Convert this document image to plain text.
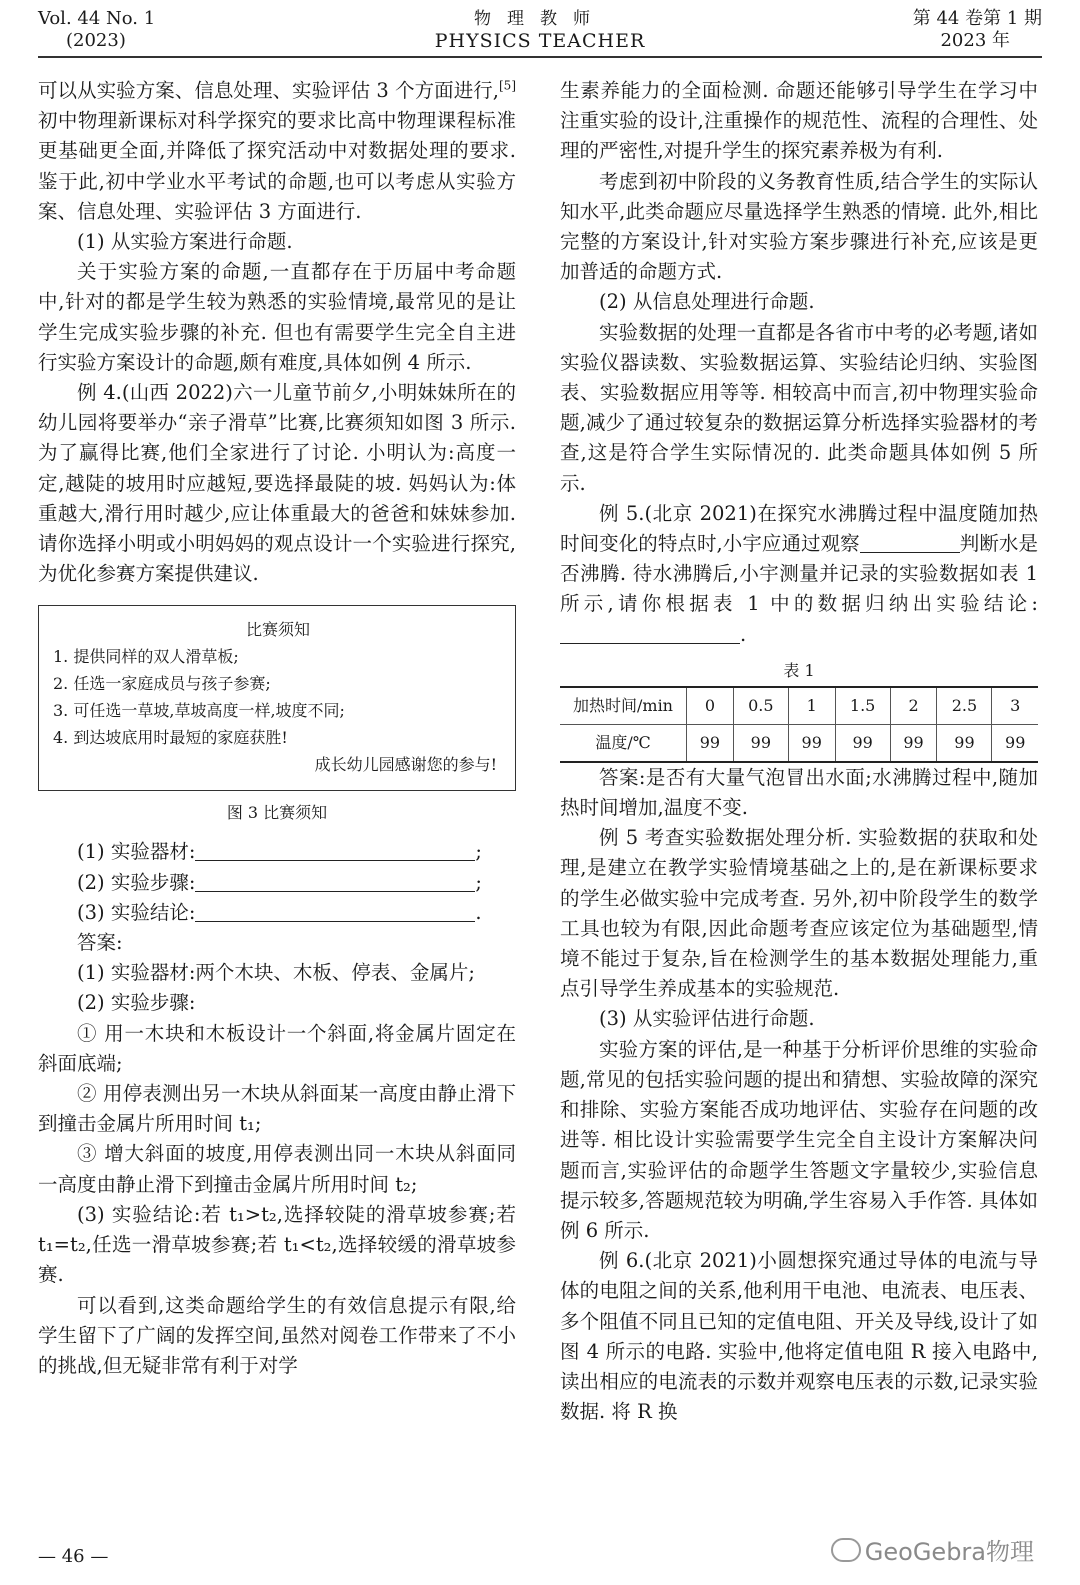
Vol. 44 No. 1
(2023)
物理教师
PHYSICS TEACHER
第 44 卷第 1 期
2023 年

可以从实验方案、信息处理、实验评估 3 个方面进行,[5]初中物理新课标对科学探究的要求比高中物理课程标准更基础更全面,并降低了探究活动中对数据处理的要求. 鉴于此,初中学业水平考试的命题,也可以考虑从实验方案、信息处理、实验评估 3 方面进行.

(1) 从实验方案进行命题.

关于实验方案的命题,一直都存在于历届中考命题中,针对的都是学生较为熟悉的实验情境,最常见的是让学生完成实验步骤的补充. 但也有需要学生完全自主进行实验方案设计的命题,颇有难度,具体如例 4 所示.

例 4.(山西 2022)六一儿童节前夕,小明妹妹所在的幼儿园将要举办“亲子滑草”比赛,比赛须知如图 3 所示. 为了赢得比赛,他们全家进行了讨论. 小明认为:高度一定,越陡的坡用时应越短,要选择最陡的坡. 妈妈认为:体重越大,滑行用时越少,应让体重最大的爸爸和妹妹参加. 请你选择小明或小明妈妈的观点设计一个实验进行探究,为优化参赛方案提供建议.

比赛须知
1. 提供同样的双人滑草板;
2. 任选一家庭成员与孩子参赛;
3. 可任选一草坡,草坡高度一样,坡度不同;
4. 到达坡底用时最短的家庭获胜!
成长幼儿园感谢您的参与!
图 3 比赛须知

(1) 实验器材:	;

(2) 实验步骤:	;

(3) 实验结论:	.

答案:

(1) 实验器材:两个木块、木板、停表、金属片;

(2) 实验步骤:

① 用一木块和木板设计一个斜面,将金属片固定在斜面底端;

② 用停表测出另一木块从斜面某一高度由静止滑下到撞击金属片所用时间 t₁;

③ 增大斜面的坡度,用停表测出同一木块从斜面同一高度由静止滑下到撞击金属片所用时间 t₂;

(3) 实验结论:若 t₁>t₂,选择较陡的滑草坡参赛;若 t₁=t₂,任选一滑草坡参赛;若 t₁<t₂,选择较缓的滑草坡参赛.

可以看到,这类命题给学生的有效信息提示有限,给学生留下了广阔的发挥空间,虽然对阅卷工作带来了不小的挑战,但无疑非常有利于对学

生素养能力的全面检测. 命题还能够引导学生在学习中注重实验的设计,注重操作的规范性、流程的合理性、处理的严密性,对提升学生的探究素养极为有利.

考虑到初中阶段的义务教育性质,结合学生的实际认知水平,此类命题应尽量选择学生熟悉的情境. 此外,相比完整的方案设计,针对实验方案步骤进行补充,应该是更加普适的命题方式.

(2) 从信息处理进行命题.

实验数据的处理一直都是各省市中考的必考题,诸如实验仪器读数、实验数据运算、实验结论归纳、实验图表、实验数据应用等等. 相较高中而言,初中物理实验命题,减少了通过较复杂的数据运算分析选择实验器材的考查,这是符合学生实际情况的. 此类命题具体如例 5 所示.

例 5.(北京 2021)在探究水沸腾过程中温度随加热时间变化的特点时,小宇应通过观察	判断水是否沸腾. 待水沸腾后,小宇测量并记录的实验数据如表 1 所示,请你根据表 1 中的数据归纳出实验结论:.

表 1
加热时间/min	0	0.5	1	1.5	2	2.5	3
温度/℃	99	99	99	99	99	99	99

答案:是否有大量气泡冒出水面;水沸腾过程中,随加热时间增加,温度不变.

例 5 考查实验数据处理分析. 实验数据的获取和处理,是建立在教学实验情境基础之上的,是在新课标要求的学生必做实验中完成考查. 另外,初中阶段学生的数学工具也较为有限,因此命题考查应该定位为基础题型,情境不能过于复杂,旨在检测学生的基本数据处理能力,重点引导学生养成基本的实验规范.

(3) 从实验评估进行命题.

实验方案的评估,是一种基于分析评价思维的实验命题,常见的包括实验问题的提出和猜想、实验故障的深究和排除、实验方案能否成功地评估、实验存在问题的改进等. 相比设计实验需要学生完全自主设计方案解决问题而言,实验评估的命题学生答题文字量较少,实验信息提示较多,答题规范较为明确,学生容易入手作答. 具体如例 6 所示.

例 6.(北京 2021)小圆想探究通过导体的电流与导体的电阻之间的关系,他利用干电池、电流表、电压表、多个阻值不同且已知的定值电阻、开关及导线,设计了如图 4 所示的电路. 实验中,他将定值电阻 R 接入电路中,读出相应的电流表的示数并观察电压表的示数,记录实验数据. 将 R 换

— 46 —	GeoGebra物理
